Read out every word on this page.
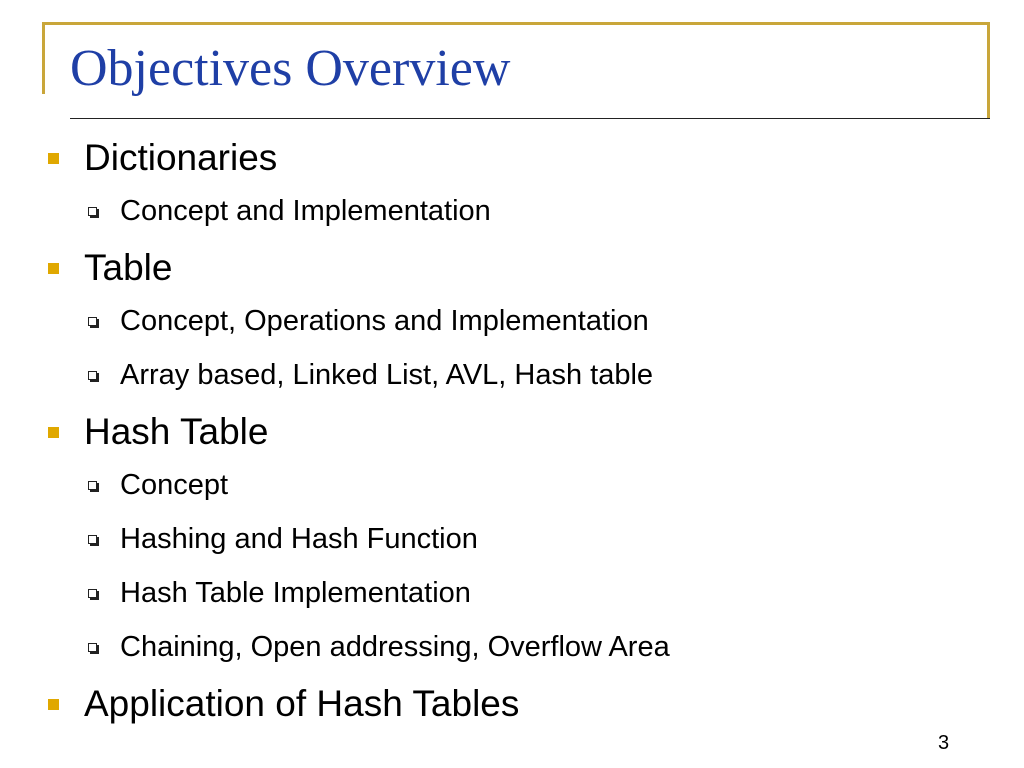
Objectives Overview
Dictionaries
Concept and Implementation
Table
Concept, Operations and Implementation
Array based, Linked List, AVL, Hash table
Hash Table
Concept
Hashing and Hash Function
Hash Table Implementation
Chaining, Open addressing, Overflow Area
Application of Hash Tables
3
